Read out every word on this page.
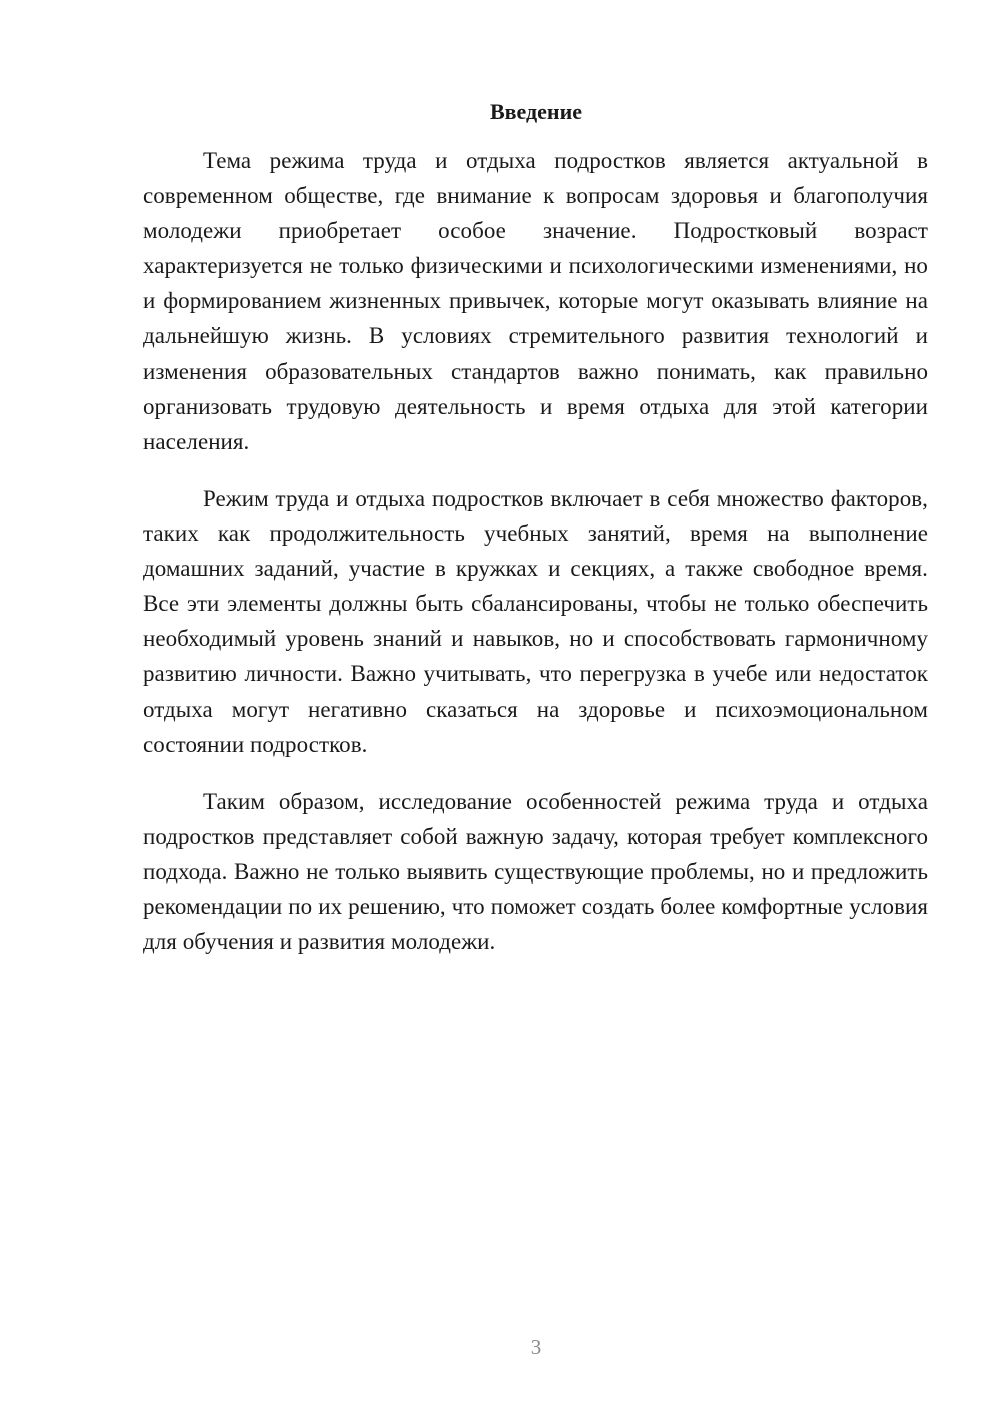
Введение

Тема режима труда и отдыха подростков является актуальной в современном обществе, где внимание к вопросам здоровья и благополучия молодежи приобретает особое значение. Подростковый возраст характеризуется не только физическими и психологическими изменениями, но и формированием жизненных привычек, которые могут оказывать влияние на дальнейшую жизнь. В условиях стремительного развития технологий и изменения образовательных стандартов важно понимать, как правильно организовать трудовую деятельность и время отдыха для этой категории населения.

Режим труда и отдыха подростков включает в себя множество факторов, таких как продолжительность учебных занятий, время на выполнение домашних заданий, участие в кружках и секциях, а также свободное время. Все эти элементы должны быть сбалансированы, чтобы не только обеспечить необходимый уровень знаний и навыков, но и способствовать гармоничному развитию личности. Важно учитывать, что перегрузка в учебе или недостаток отдыха могут негативно сказаться на здоровье и психоэмоциональном состоянии подростков.

Таким образом, исследование особенностей режима труда и отдыха подростков представляет собой важную задачу, которая требует комплексного подхода. Важно не только выявить существующие проблемы, но и предложить рекомендации по их решению, что поможет создать более комфортные условия для обучения и развития молодежи.

3
